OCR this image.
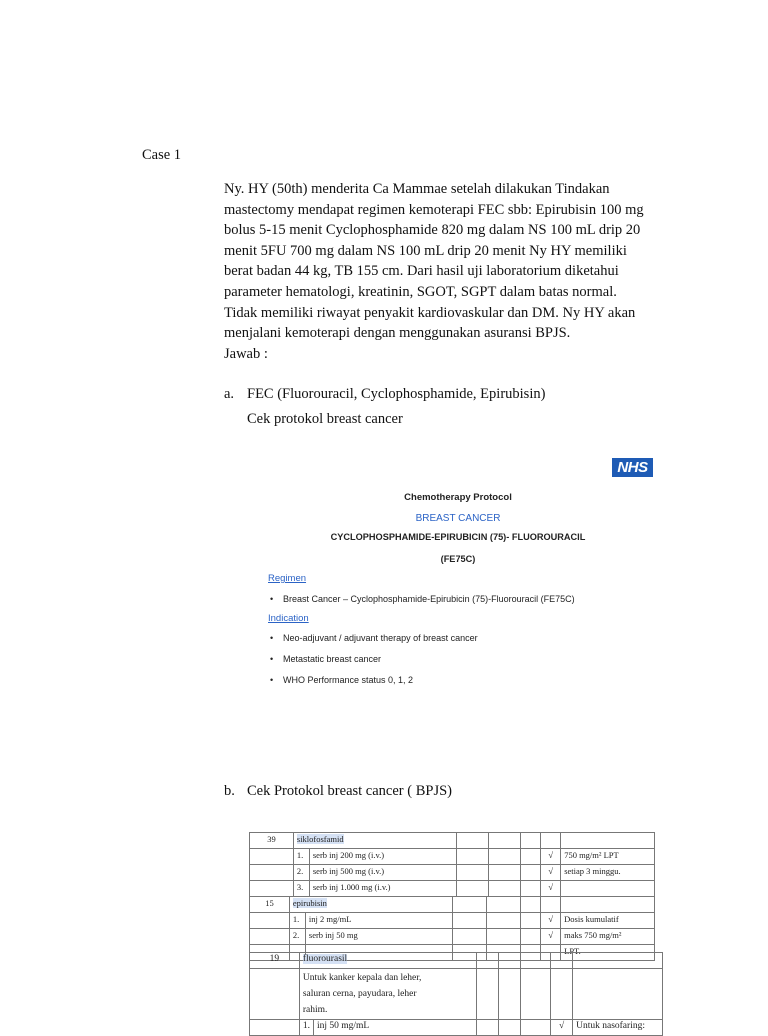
Case 1

Ny. HY (50th) menderita Ca Mammae setelah dilakukan Tindakan

mastectomy mendapat regimen kemoterapi FEC sbb: Epirubisin 100 mg

bolus 5-15 menit Cyclophosphamide 820 mg dalam NS 100 mL drip 20

menit 5FU 700 mg dalam NS 100 mL drip 20 menit Ny HY memiliki

berat badan 44 kg, TB 155 cm. Dari hasil uji laboratorium diketahui

parameter hematologi, kreatinin, SGOT, SGPT dalam batas normal.

Tidak memiliki riwayat penyakit kardiovaskular dan DM. Ny HY akan

menjalani kemoterapi dengan menggunakan asuransi BPJS.

Jawab :

a. FEC (Fluorouracil, Cyclophosphamide, Epirubisin)
Cek protokol breast cancer
NHS
Chemotherapy Protocol
BREAST CANCER
CYCLOPHOSPHAMIDE-EPIRUBICIN (75)- FLUOROURACIL
(FE75C)
Regimen
• Breast Cancer – Cyclophosphamide-Epirubicin (75)-Fluorouracil (FE75C)
Indication
• Neo-adjuvant / adjuvant therapy of breast cancer
• Metastatic breast cancer
• WHO Performance status 0, 1, 2
b. Cek Protokol breast cancer ( BPJS)
39	siklofosfamid						
	1.	serb inj 200 mg (i.v.)				√	750 mg/m² LPT
	2.	serb inj 500 mg (i.v.)				√	setiap 3 minggu.
	3.	serb inj 1.000 mg (i.v.)				√	
15	epirubisin						
	1.	inj 2 mg/mL				√	Dosis kumulatif
	2.	serb inj 50 mg				√	maks 750 mg/m²
							LPT.
19	fluorourasil						

	Untuk kanker kepala dan leher,
saluran cerna, payudara, leher
rahim.						

	1.	inj 50 mg/mL				√	Untuk nasofaring:
